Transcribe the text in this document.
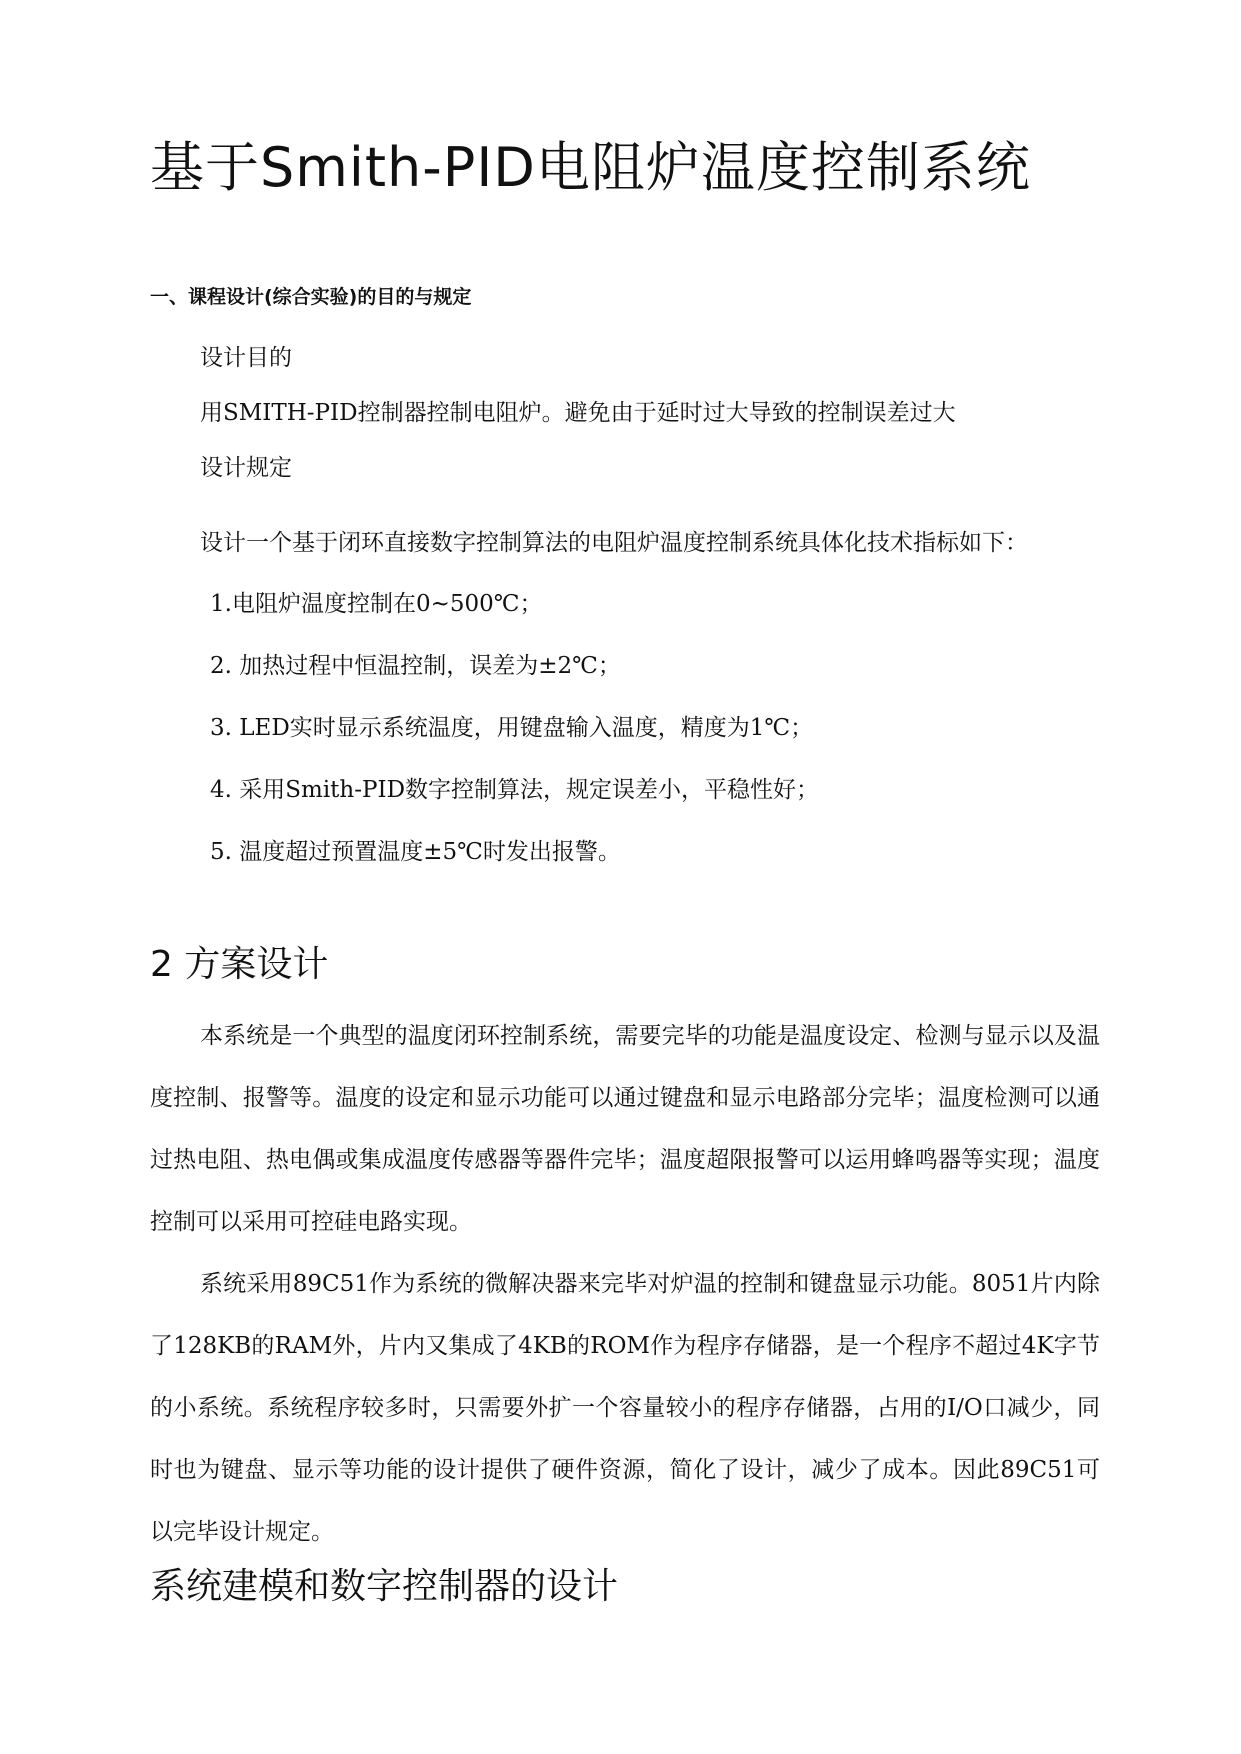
基于Smith-PID电阻炉温度控制系统
一、课程设计(综合实验)的目的与规定
设计目的
用SMITH-PID控制器控制电阻炉。避免由于延时过大导致的控制误差过大
设计规定
设计一个基于闭环直接数字控制算法的电阻炉温度控制系统具体化技术指标如下：
1.电阻炉温度控制在0~500℃；
2. 加热过程中恒温控制，误差为±2℃；
3. LED实时显示系统温度，用键盘输入温度，精度为1℃；
4. 采用Smith-PID数字控制算法，规定误差小，平稳性好；
5. 温度超过预置温度±5℃时发出报警。
2 方案设计

本系统是一个典型的温度闭环控制系统，需要完毕的功能是温度设定、检测与显示以及温度控制、报警等。温度的设定和显示功能可以通过键盘和显示电路部分完毕；温度检测可以通过热电阻、热电偶或集成温度传感器等器件完毕；温度超限报警可以运用蜂鸣器等实现；温度控制可以采用可控硅电路实现。

系统采用89C51作为系统的微解决器来完毕对炉温的控制和键盘显示功能。8051片内除了128KB的RAM外，片内又集成了4KB的ROM作为程序存储器，是一个程序不超过4K字节的小系统。系统程序较多时，只需要外扩一个容量较小的程序存储器，占用的I/O口减少，同时也为键盘、显示等功能的设计提供了硬件资源，简化了设计，减少了成本。因此89C51可以完毕设计规定。

系统建模和数字控制器的设计
